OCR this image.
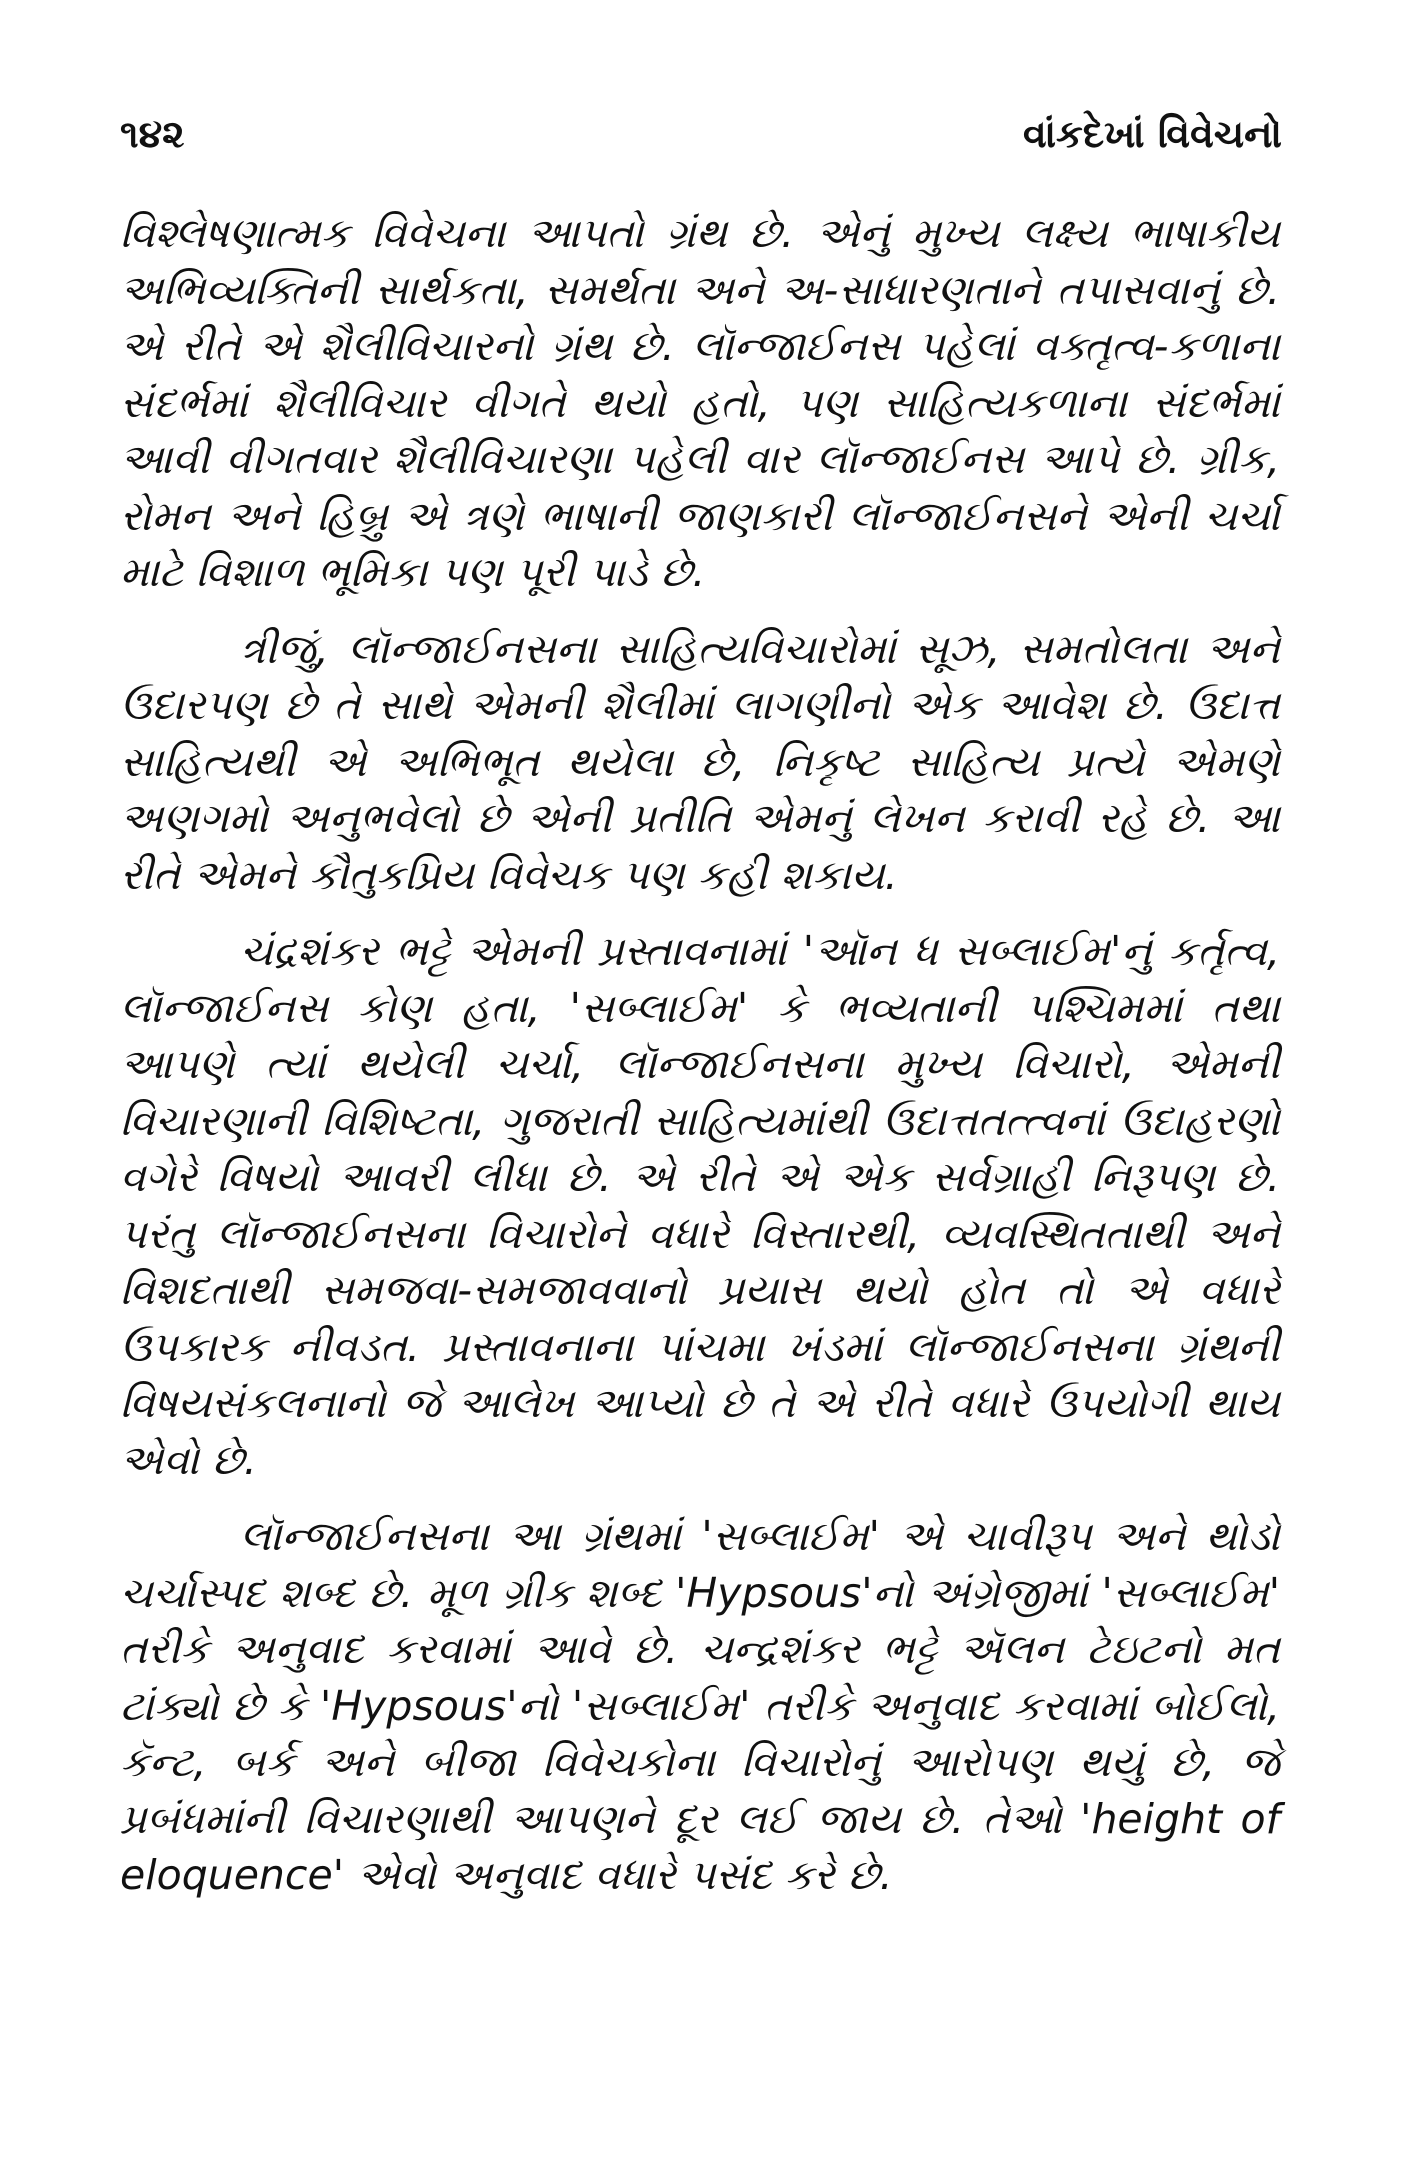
૧૪૨	વાંકદેખાં વિવેચનો

વિશ્લેષણાત્મક વિવેચના આપતો ગ્રંથ છે. એનું મુખ્ય લક્ષ્ય ભાષાકીય અભિવ્યક્તિની સાર્થકતા, સમર્થતા અને અ-સાધારણતાને તપાસવાનું છે. એ રીતે એ શૈલીવિચારનો ગ્રંથ છે. લૉન્જાઈનસ પહેલાં વક્તૃત્વ-કળાના સંદર્ભમાં શૈલીવિચાર વીગતે થયો હતો, પણ સાહિત્યકળાના સંદર્ભમાં આવી વીગતવાર શૈલીવિચારણા પહેલી વાર લૉન્જાઈનસ આપે છે. ગ્રીક, રોમન અને હિબ્રુ એ ત્રણે ભાષાની જાણકારી લૉન્જાઈનસને એની ચર્ચા માટે વિશાળ ભૂમિકા પણ પૂરી પાડે છે.

ત્રીજું, લૉન્જાઈનસના સાહિત્યવિચારોમાં સૂઝ, સમતોલતા અને ઉદારપણ છે તે સાથે એમની શૈલીમાં લાગણીનો એક આવેશ છે. ઉદાત્ત સાહિત્યથી એ અભિભૂત થયેલા છે, નિકૃષ્ટ સાહિત્ય પ્રત્યે એમણે અણગમો અનુભવેલો છે એની પ્રતીતિ એમનું લેખન કરાવી રહે છે. આ રીતે એમને કૌતુકપ્રિય વિવેચક પણ કહી શકાય.

ચંદ્રશંકર ભટ્ટે એમની પ્રસ્તાવનામાં 'ઑન ધ સબ્લાઈમ'નું કર્તૃત્વ, લૉન્જાઈનસ કોણ હતા, 'સબ્લાઈમ' કે ભવ્યતાની પશ્ચિમમાં તથા આપણે ત્યાં થયેલી ચર્ચા, લૉન્જાઈનસના મુખ્ય વિચારો, એમની વિચારણાની વિશિષ્ટતા, ગુજરાતી સાહિત્યમાંથી ઉદાત્તતત્ત્વનાં ઉદાહરણો વગેરે વિષયો આવરી લીધા છે. એ રીતે એ એક સર્વગ્રાહી નિરૂપણ છે. પરંતુ લૉન્જાઈનસના વિચારોને વધારે વિસ્તારથી, વ્યવસ્થિતતાથી અને વિશદતાથી સમજવા-સમજાવવાનો પ્રયાસ થયો હોત તો એ વધારે ઉપકારક નીવડત. પ્રસ્તાવનાના પાંચમા ખંડમાં લૉન્જાઈનસના ગ્રંથની વિષયસંકલનાનો જે આલેખ આપ્યો છે તે એ રીતે વધારે ઉપયોગી થાય એવો છે.

લૉન્જાઈનસના આ ગ્રંથમાં 'સબ્લાઈમ' એ ચાવીરૂપ અને થોડો ચર્ચાસ્પદ શબ્દ છે. મૂળ ગ્રીક શબ્દ 'Hypsous'નો અંગ્રેજીમાં 'સબ્લાઈમ' તરીકે અનુવાદ કરવામાં આવે છે. ચન્દ્રશંકર ભટ્ટે ઍલન ટેઇટનો મત ટાંક્યો છે કે 'Hypsous'નો 'સબ્લાઈમ' તરીકે અનુવાદ કરવામાં બોઈલો, કૅન્ટ, બર્ક અને બીજા વિવેચકોના વિચારોનું આરોપણ થયું છે, જે પ્રબંધમાંની વિચારણાથી આપણને દૂર લઈ જાય છે. તેઓ 'height of eloquence' એવો અનુવાદ વધારે પસંદ કરે છે.
